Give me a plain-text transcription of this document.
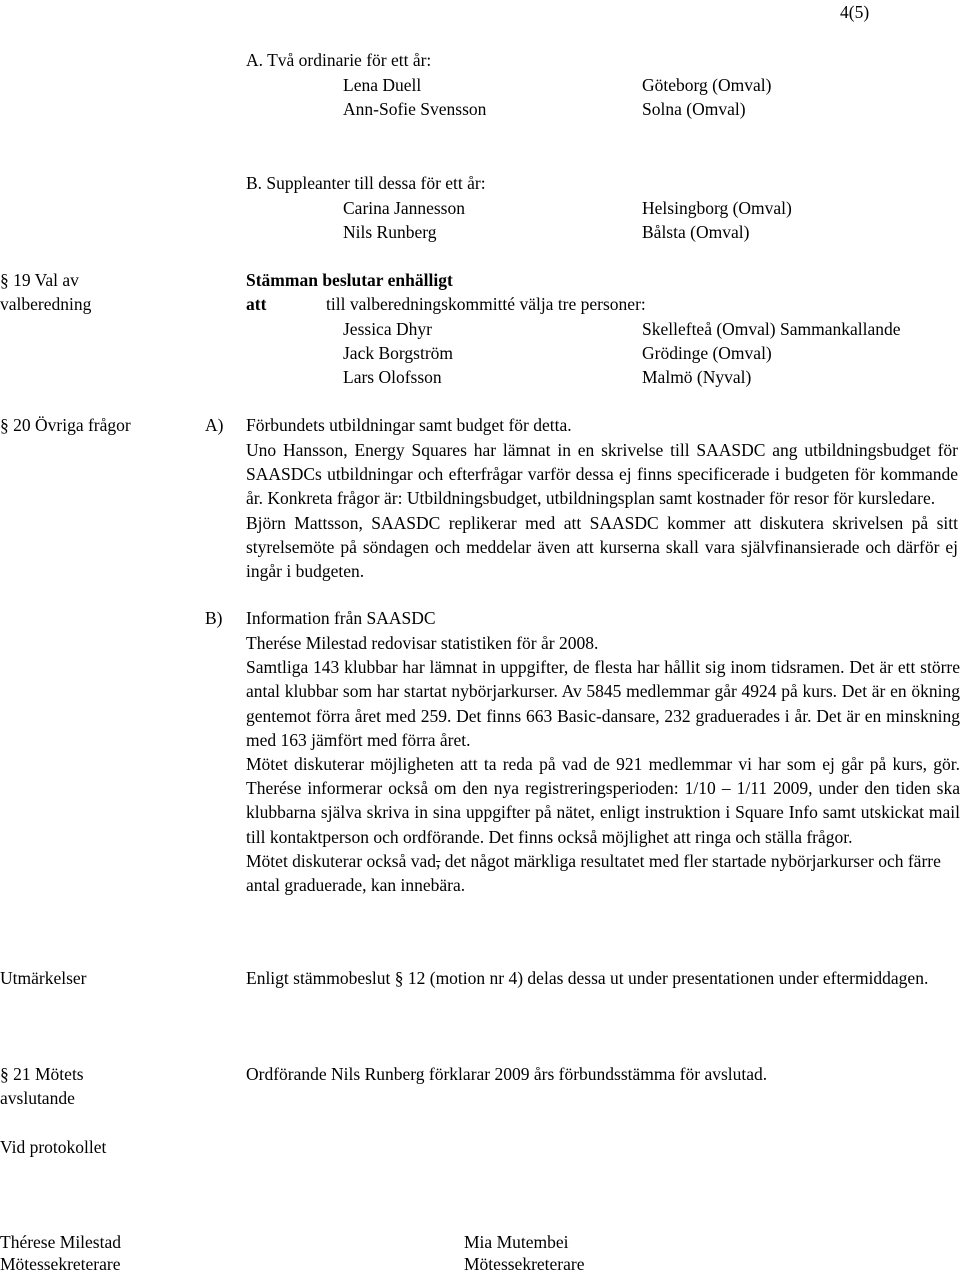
4(5)
A. Två ordinarie för ett år:
Lena Duell	Göteborg (Omval)
Ann-Sofie Svensson	Solna (Omval)
B. Suppleanter till dessa för ett år:
Carina Jannesson	Helsingborg (Omval)
Nils Runberg	Bålsta (Omval)
§ 19 Val av
valberedning
Stämman beslutar enhälligt
att	till valberedningskommitté välja tre personer:
Jessica Dhyr	Skellefteå (Omval) Sammankallande
Jack Borgström	Grödinge (Omval)
Lars Olofsson	Malmö (Nyval)
§ 20 Övriga frågor	A) Förbundets utbildningar samt budget för detta.

Uno Hansson, Energy Squares har lämnat in en skrivelse till SAASDC ang utbildningsbudget för SAASDCs utbildningar och efterfrågar varför dessa ej finns specificerade i budgeten för kommande år. Konkreta frågor är: Utbildningsbudget, utbildningsplan samt kostnader för resor för kursledare.

Björn Mattsson, SAASDC replikerar med att SAASDC kommer att diskutera skrivelsen på sitt styrelsemöte på söndagen och meddelar även att kurserna skall vara självfinansierade och därför ej ingår i budgeten.

B) Information från SAASDC

Therése Milestad redovisar statistiken för år 2008.

Samtliga 143 klubbar har lämnat in uppgifter, de flesta har hållit sig inom tidsramen. Det är ett större antal klubbar som har startat nybörjarkurser. Av 5845 medlemmar går 4924 på kurs. Det är en ökning gentemot förra året med 259. Det finns 663 Basic-dansare, 232 graduerades i år. Det är en minskning med 163 jämfört med förra året.

Mötet diskuterar möjligheten att ta reda på vad de 921 medlemmar vi har som ej går på kurs, gör. Therése informerar också om den nya registreringsperioden: 1/10 – 1/11 2009, under den tiden ska klubbarna själva skriva in sina uppgifter på nätet, enligt instruktion i Square Info samt utskickat mail till kontaktperson och ordförande. Det finns också möjlighet att ringa och ställa frågor.

Mötet diskuterar också vad, det något märkliga resultatet med fler startade nybörjarkurser och färre antal graduerade, kan innebära.

Utmärkelser	Enligt stämmobeslut § 12 (motion nr 4) delas dessa ut under presentationen under eftermiddagen.
§ 21 Mötets
avslutande
Ordförande Nils Runberg förklarar 2009 års förbundsstämma för avslutad.
Vid protokollet
Thérese Milestad
Mötessekreterare
Mia Mutembei
Mötessekreterare
